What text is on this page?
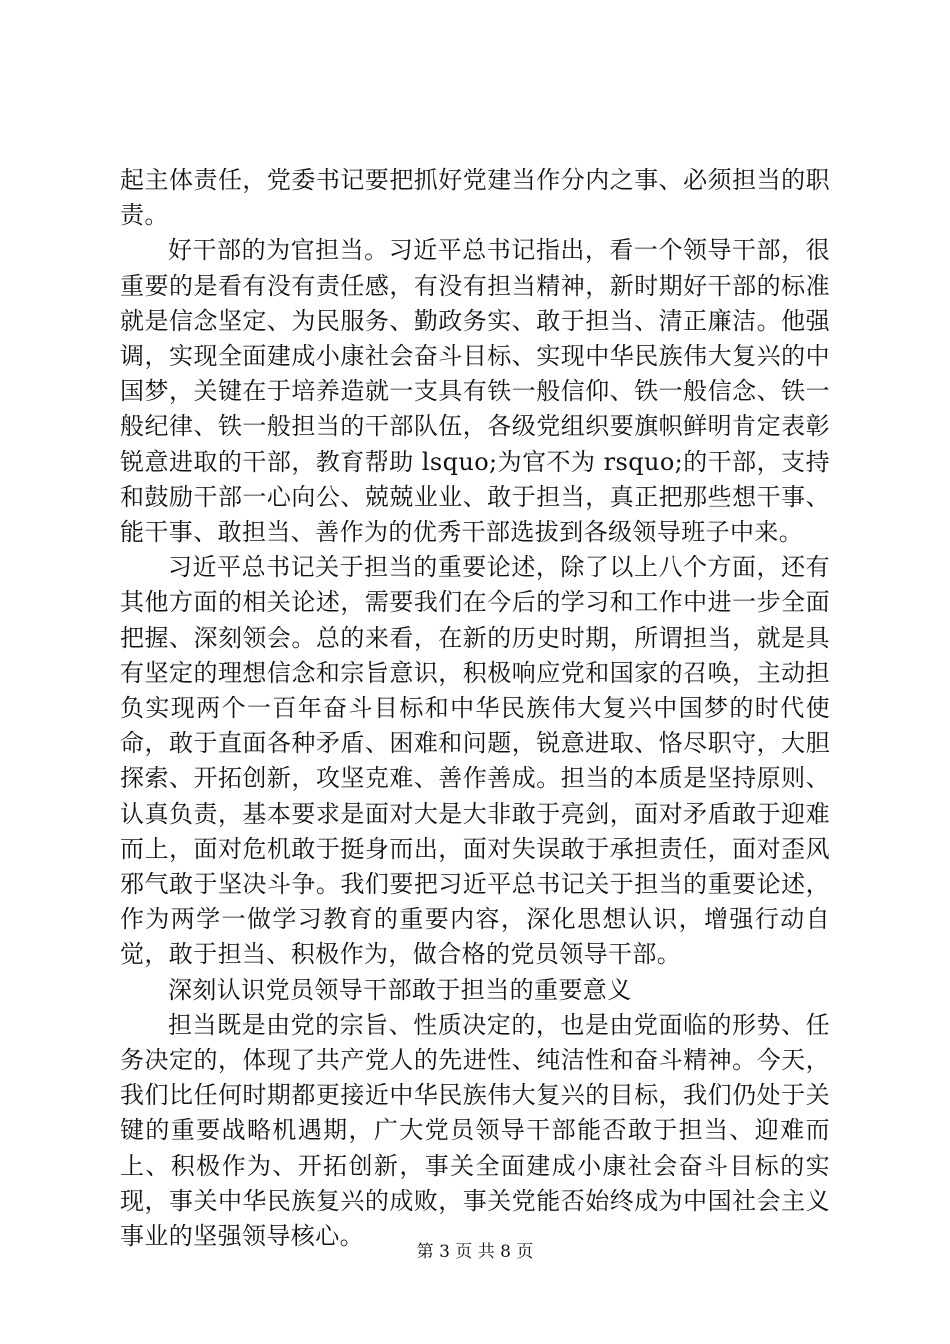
起主体责任，党委书记要把抓好党建当作分内之事、必须担当的职责。

好干部的为官担当。习近平总书记指出，看一个领导干部，很重要的是看有没有责任感，有没有担当精神，新时期好干部的标准就是信念坚定、为民服务、勤政务实、敢于担当、清正廉洁。他强调，实现全面建成小康社会奋斗目标、实现中华民族伟大复兴的中国梦，关键在于培养造就一支具有铁一般信仰、铁一般信念、铁一般纪律、铁一般担当的干部队伍，各级党组织要旗帜鲜明肯定表彰锐意进取的干部，教育帮助 lsquo;为官不为 rsquo;的干部，支持和鼓励干部一心向公、兢兢业业、敢于担当，真正把那些想干事、能干事、敢担当、善作为的优秀干部选拔到各级领导班子中来。

习近平总书记关于担当的重要论述，除了以上八个方面，还有其他方面的相关论述，需要我们在今后的学习和工作中进一步全面把握、深刻领会。总的来看，在新的历史时期，所谓担当，就是具有坚定的理想信念和宗旨意识，积极响应党和国家的召唤，主动担负实现两个一百年奋斗目标和中华民族伟大复兴中国梦的时代使命，敢于直面各种矛盾、困难和问题，锐意进取、恪尽职守，大胆探索、开拓创新，攻坚克难、善作善成。担当的本质是坚持原则、认真负责，基本要求是面对大是大非敢于亮剑，面对矛盾敢于迎难而上，面对危机敢于挺身而出，面对失误敢于承担责任，面对歪风邪气敢于坚决斗争。我们要把习近平总书记关于担当的重要论述，作为两学一做学习教育的重要内容，深化思想认识，增强行动自觉，敢于担当、积极作为，做合格的党员领导干部。

深刻认识党员领导干部敢于担当的重要意义

担当既是由党的宗旨、性质决定的，也是由党面临的形势、任务决定的，体现了共产党人的先进性、纯洁性和奋斗精神。今天，我们比任何时期都更接近中华民族伟大复兴的目标，我们仍处于关键的重要战略机遇期，广大党员领导干部能否敢于担当、迎难而上、积极作为、开拓创新，事关全面建成小康社会奋斗目标的实现，事关中华民族复兴的成败，事关党能否始终成为中国社会主义事业的坚强领导核心。

第 3 页 共 8 页
